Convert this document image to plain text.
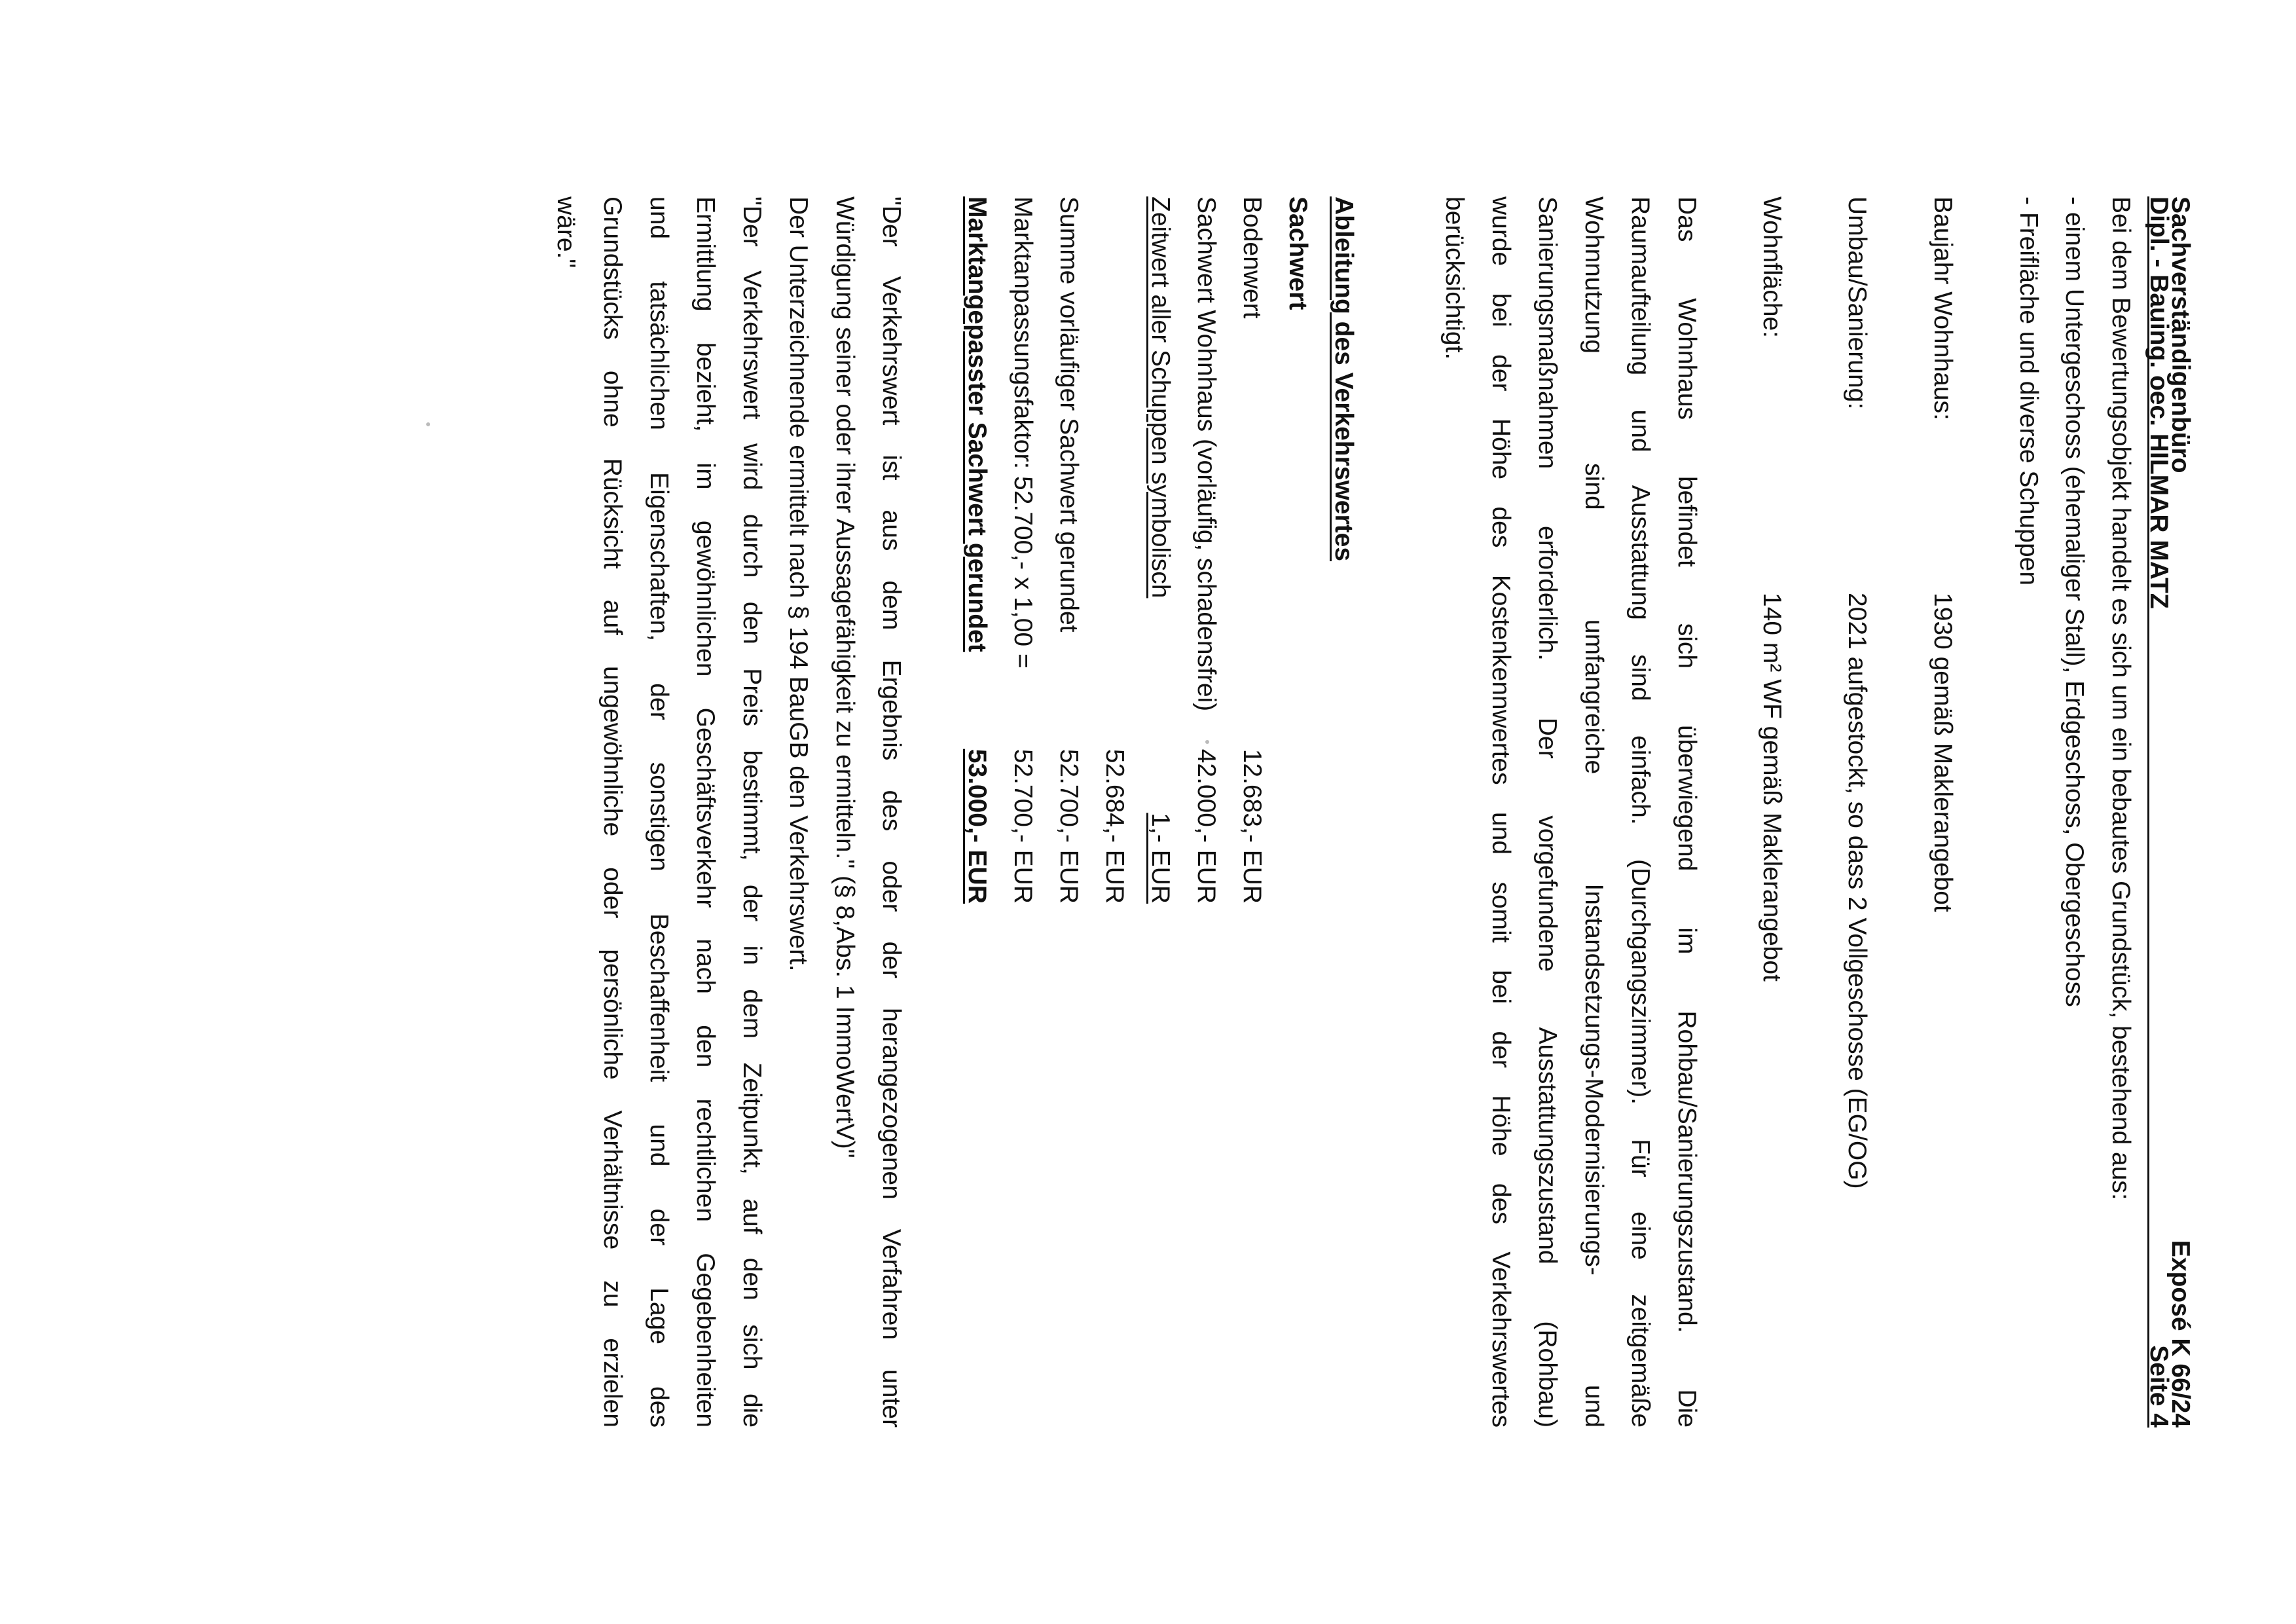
Sachverständigenbüro
Exposé K 66/24
Dipl. - Bauing. oec. HILMAR MATZ
Seite 4
Bei dem Bewertungsobjekt handelt es sich um ein bebautes Grundstück, bestehend aus:
- einem Untergeschoss (ehemaliger Stall), Erdgeschoss, Obergeschoss
- Freifläche und diverse Schuppen
Baujahr Wohnhaus:
1930 gemäß Maklerangebot
Umbau/Sanierung:
2021 aufgestockt, so dass 2 Vollgeschosse (EG/OG)
Wohnfläche:
140 m² WF gemäß Maklerangebot
Das Wohnhaus befindet sich überwiegend im Rohbau/Sanierungszustand. Die
Raumaufteilung und Ausstattung sind einfach. (Durchgangszimmer). Für eine zeitgemäße
Wohnnutzung sind umfangreiche Instandsetzungs-Modernisierungs- und
Sanierungsmaßnahmen erforderlich. Der vorgefundene Ausstattungszustand (Rohbau)
wurde bei der Höhe des Kostenkennwertes und somit bei der Höhe des Verkehrswertes
berücksichtigt.
Ableitung des Verkehrswertes
Sachwert
Bodenwert
12.683,- EUR
Sachwert Wohnhaus (vorläufig, schadensfrei)
42.000,- EUR
Zeitwert aller Schuppen symbolisch
1,- EUR
52.684,- EUR
Summe vorläufiger Sachwert gerundet
52.700,- EUR
Marktanpassungsfaktor: 52.700,- x 1,00 =
52.700,- EUR
Marktangepasster Sachwert gerundet
53.000,- EUR
"Der Verkehrswert ist aus dem Ergebnis des oder der herangezogenen Verfahren unter
Würdigung seiner oder ihrer Aussagefähigkeit zu ermitteln." (§ 8,Abs. 1 ImmoWertV)"
Der Unterzeichnende ermittelt nach § 194 BauGB den Verkehrswert.
"Der Verkehrswert wird durch den Preis bestimmt, der in dem Zeitpunkt, auf den sich die
Ermittlung bezieht, im gewöhnlichen Geschäftsverkehr nach den rechtlichen Gegebenheiten
und tatsächlichen Eigenschaften, der sonstigen Beschaffenheit und der Lage des
Grundstücks ohne Rücksicht auf ungewöhnliche oder persönliche Verhältnisse zu erzielen
wäre."
